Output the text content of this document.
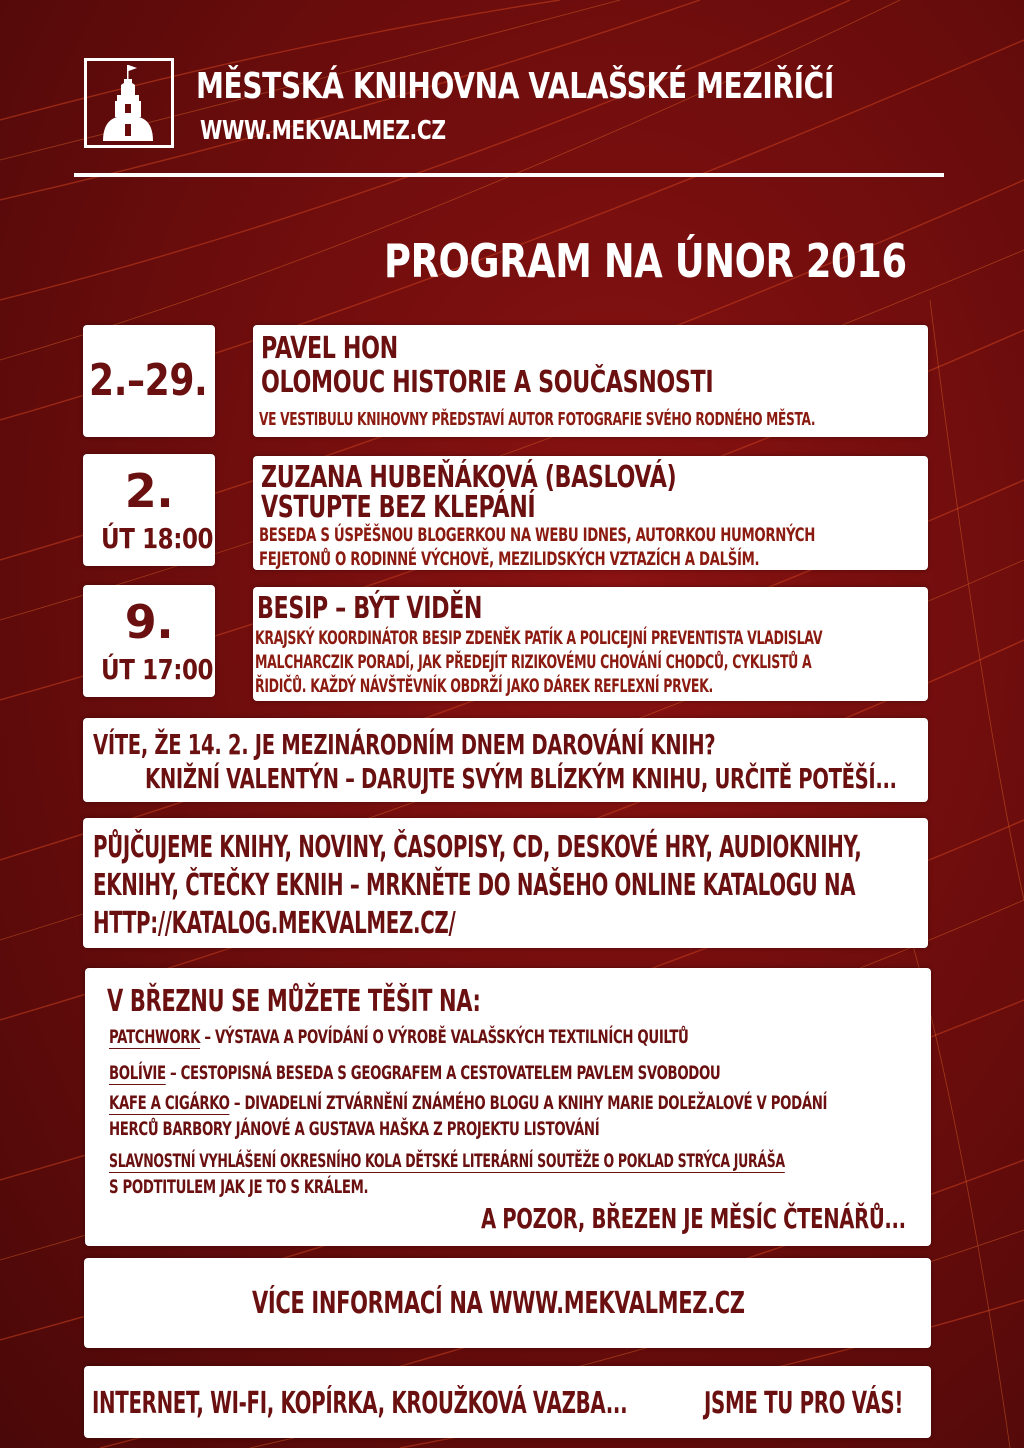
MĚSTSKÁ KNIHOVNA VALAŠSKÉ MEZIŘÍČÍ
WWW.MEKVALMEZ.CZ
PROGRAM NA ÚNOR 2016
2.–29.
PAVEL HON
OLOMOUC HISTORIE A SOUČASNOSTI
VE VESTIBULU KNIHOVNY PŘEDSTAVÍ AUTOR FOTOGRAFIE SVÉHO RODNÉHO MĚSTA.
2.
ÚT 18:00
ZUZANA HUBEŇÁKOVÁ (BASLOVÁ)
VSTUPTE BEZ KLEPÁNÍ
BESEDA S ÚSPĚŠNOU BLOGERKOU NA WEBU IDNES, AUTORKOU HUMORNÝCH
FEJETONŮ O RODINNÉ VÝCHOVĚ, MEZILIDSKÝCH VZTAZÍCH A DALŠÍM.
9.
ÚT 17:00
BESIP – BÝT VIDĚN
KRAJSKÝ KOORDINÁTOR BESIP ZDENĚK PATÍK A POLICEJNÍ PREVENTISTA VLADISLAV
MALCHARCZIK PORADÍ, JAK PŘEDEJÍT RIZIKOVÉMU CHOVÁNÍ CHODCŮ, CYKLISTŮ A
ŘIDIČŮ. KAŽDÝ NÁVŠTĚVNÍK OBDRŽÍ JAKO DÁREK REFLEXNÍ PRVEK.
VÍTE, ŽE 14. 2. JE MEZINÁRODNÍM DNEM DAROVÁNÍ KNIH?
KNIŽNÍ VALENTÝN – DARUJTE SVÝM BLÍZKÝM KNIHU, URČITĚ POTĚŠÍ...
PŮJČUJEME KNIHY, NOVINY, ČASOPISY, CD, DESKOVÉ HRY, AUDIOKNIHY,
EKNIHY, ČTEČKY EKNIH – MRKNĚTE DO NAŠEHO ONLINE KATALOGU NA
HTTP://KATALOG.MEKVALMEZ.CZ/
V BŘEZNU SE MŮŽETE TĚŠIT NA:
PATCHWORK – VÝSTAVA A POVÍDÁNÍ O VÝROBĚ VALAŠSKÝCH TEXTILNÍCH QUILTŮ
BOLÍVIE – CESTOPISNÁ BESEDA S GEOGRAFEM A CESTOVATELEM PAVLEM SVOBODOU
KAFE A CIGÁRKO – DIVADELNÍ ZTVÁRNĚNÍ ZNÁMÉHO BLOGU A KNIHY MARIE DOLEŽALOVÉ V PODÁNÍ
HERCŮ BARBORY JÁNOVÉ A GUSTAVA HAŠKA Z PROJEKTU LISTOVÁNÍ
SLAVNOSTNÍ VYHLÁŠENÍ OKRESNÍHO KOLA DĚTSKÉ LITERÁRNÍ SOUTĚŽE O POKLAD STRÝCA JURÁŠA
S PODTITULEM JAK JE TO S KRÁLEM.
A POZOR, BŘEZEN JE MĚSÍC ČTENÁŘŮ...
VÍCE INFORMACÍ NA WWW.MEKVALMEZ.CZ
INTERNET, WI-FI, KOPÍRKA, KROUŽKOVÁ VAZBA...	JSME TU PRO VÁS!
